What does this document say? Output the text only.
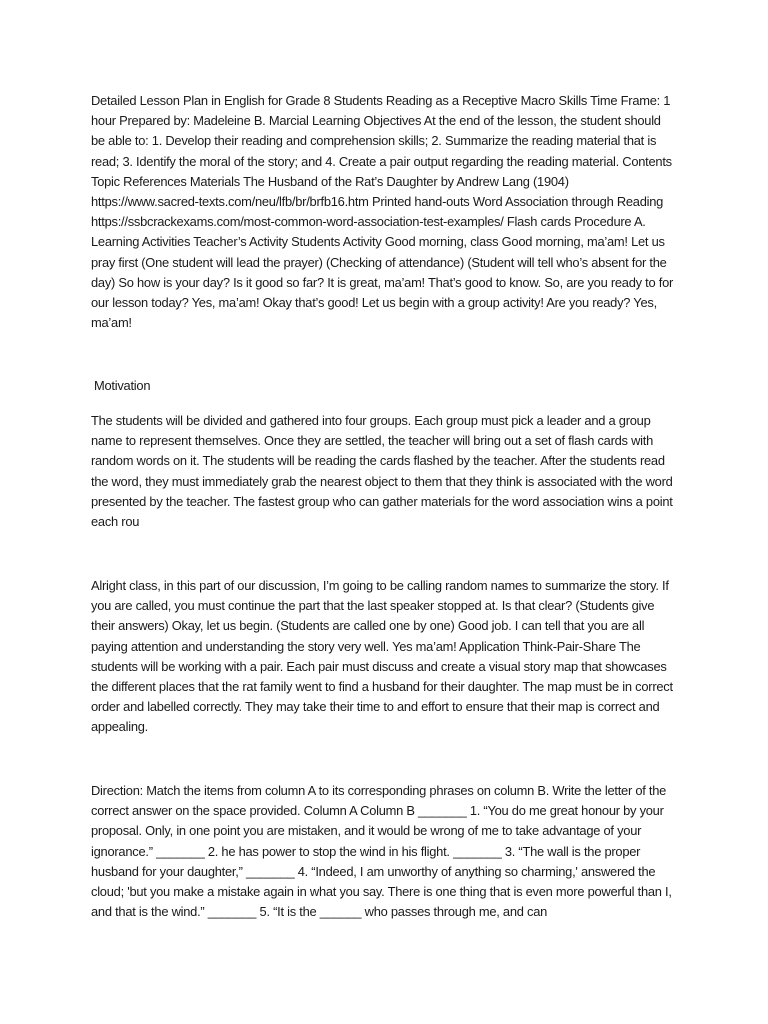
Detailed Lesson Plan in English for Grade 8 Students Reading as a Receptive Macro Skills Time Frame: 1 hour Prepared by: Madeleine B. Marcial Learning Objectives At the end of the lesson, the student should be able to: 1. Develop their reading and comprehension skills; 2. Summarize the reading material that is read; 3. Identify the moral of the story; and 4. Create a pair output regarding the reading material. Contents Topic References Materials The Husband of the Rat’s Daughter by Andrew Lang (1904) https://www.sacred-texts.com/neu/lfb/br/brfb16.htm Printed hand-outs Word Association through Reading https://ssbcrackexams.com/most-common-word-association-test-examples/ Flash cards Procedure A. Learning Activities Teacher’s Activity Students Activity Good morning, class Good morning, ma’am! Let us pray first (One student will lead the prayer) (Checking of attendance) (Student will tell who’s absent for the day) So how is your day? Is it good so far? It is great, ma’am! That’s good to know. So, are you ready to for our lesson today? Yes, ma’am! Okay that’s good! Let us begin with a group activity! Are you ready? Yes, ma’am!

Motivation

The students will be divided and gathered into four groups. Each group must pick a leader and a group name to represent themselves. Once they are settled, the teacher will bring out a set of flash cards with random words on it. The students will be reading the cards flashed by the teacher. After the students read the word, they must immediately grab the nearest object to them that they think is associated with the word presented by the teacher. The fastest group who can gather materials for the word association wins a point each rou

Alright class, in this part of our discussion, I’m going to be calling random names to summarize the story. If you are called, you must continue the part that the last speaker stopped at. Is that clear? (Students give their answers) Okay, let us begin. (Students are called one by one) Good job. I can tell that you are all paying attention and understanding the story very well. Yes ma’am! Application Think-Pair-Share The students will be working with a pair. Each pair must discuss and create a visual story map that showcases the different places that the rat family went to find a husband for their daughter. The map must be in correct order and labelled correctly. They may take their time to and effort to ensure that their map is correct and appealing.

Direction: Match the items from column A to its corresponding phrases on column B. Write the letter of the correct answer on the space provided. Column A Column B _______ 1. “You do me great honour by your proposal. Only, in one point you are mistaken, and it would be wrong of me to take advantage of your ignorance.” _______ 2. he has power to stop the wind in his flight. _______ 3. “The wall is the proper husband for your daughter,” _______ 4. “Indeed, I am unworthy of anything so charming,' answered the cloud; 'but you make a mistake again in what you say. There is one thing that is even more powerful than I, and that is the wind.” _______ 5. “It is the ______ who passes through me, and can
